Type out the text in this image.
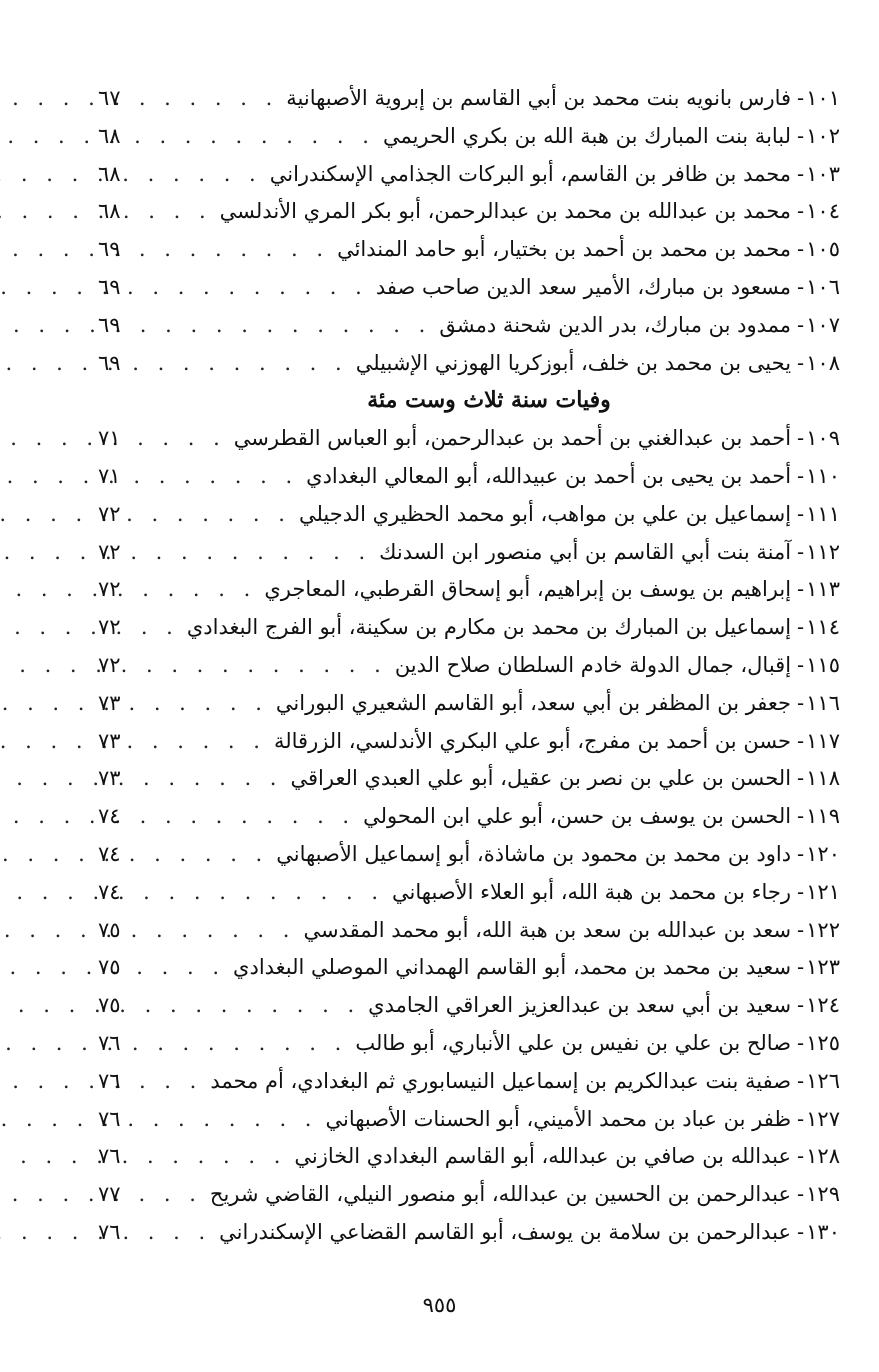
١٠١
-
فارس بانويه بنت محمد بن أبي القاسم بن إبروية الأصبهانية
. . .
٦٧
١٠٢
-
لبابة بنت المبارك بن هبة الله بن بكري الحريمي
. . .
٦٨
١٠٣
-
محمد بن ظافر بن القاسم، أبو البركات الجذامي الإسكندراني
. . .
٦٨
١٠٤
-
محمد بن عبدالله بن محمد بن عبدالرحمن، أبو بكر المري الأندلسي
. . .
٦٨
١٠٥
-
محمد بن محمد بن أحمد بن بختيار، أبو حامد المندائي
. . .
٦٩
١٠٦
-
مسعود بن مبارك، الأمير سعد الدين صاحب صفد
. . .
٦٩
١٠٧
-
ممدود بن مبارك، بدر الدين شحنة دمشق
. . .
٦٩
١٠٨
-
يحيى بن محمد بن خلف، أبوزكريا الهوزني الإشبيلي
. . .
٦٩
وفيات سنة ثلاث وست مئة
١٠٩
-
أحمد بن عبدالغني بن أحمد بن عبدالرحمن، أبو العباس القطرسي
. . .
٧١
١١٠
-
أحمد بن يحيى بن أحمد بن عبيدالله، أبو المعالي البغدادي
. . .
٧١
١١١
-
إسماعيل بن علي بن مواهب، أبو محمد الحظيري الدجيلي
. . .
٧٢
١١٢
-
آمنة بنت أبي القاسم بن أبي منصور ابن السدنك
. . .
٧٢
١١٣
-
إبراهيم بن يوسف بن إبراهيم، أبو إسحاق القرطبي، المعاجري
. . .
٧٢
١١٤
-
إسماعيل بن المبارك بن محمد بن مكارم بن سكينة، أبو الفرج البغدادي
. . .
٧٢
١١٥
-
إقبال، جمال الدولة خادم السلطان صلاح الدين
. . .
٧٢
١١٦
-
جعفر بن المظفر بن أبي سعد، أبو القاسم الشعيري البوراني
. . .
٧٣
١١٧
-
حسن بن أحمد بن مفرج، أبو علي البكري الأندلسي، الزرقالة
. . .
٧٣
١١٨
-
الحسن بن علي بن نصر بن عقيل، أبو علي العبدي العراقي
. . .
٧٣
١١٩
-
الحسن بن يوسف بن حسن، أبو علي ابن المحولي
. . .
٧٤
١٢٠
-
داود بن محمد بن محمود بن ماشاذة، أبو إسماعيل الأصبهاني
. . .
٧٤
١٢١
-
رجاء بن محمد بن هبة الله، أبو العلاء الأصبهاني
. . .
٧٤
١٢٢
-
سعد بن عبدالله بن سعد بن هبة الله، أبو محمد المقدسي
. . .
٧٥
١٢٣
-
سعيد بن محمد بن محمد، أبو القاسم الهمداني الموصلي البغدادي
. . .
٧٥
١٢٤
-
سعيد بن أبي سعد بن عبدالعزيز العراقي الجامدي
. . .
٧٥
١٢٥
-
صالح بن علي بن نفيس بن علي الأنباري، أبو طالب
. . .
٧٦
١٢٦
-
صفية بنت عبدالكريم بن إسماعيل النيسابوري ثم البغدادي، أم محمد
. . .
٧٦
١٢٧
-
ظفر بن عباد بن محمد الأميني، أبو الحسنات الأصبهاني
. . .
٧٦
١٢٨
-
عبدالله بن صافي بن عبدالله، أبو القاسم البغدادي الخازني
. . .
٧٦
١٢٩
-
عبدالرحمن بن الحسين بن عبدالله، أبو منصور النيلي، القاضي شريح
. . .
٧٧
١٣٠
-
عبدالرحمن بن سلامة بن يوسف، أبو القاسم القضاعي الإسكندراني
. . .
٧٦
٩٥٥
